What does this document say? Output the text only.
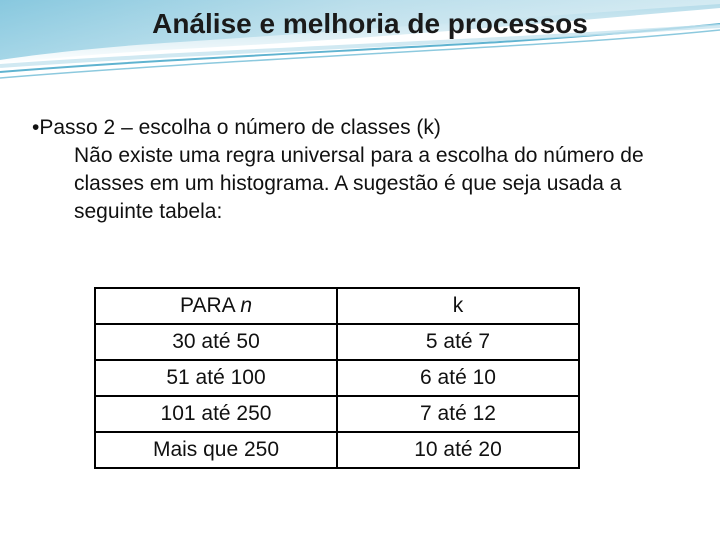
Análise e melhoria de processos

•Passo 2 – escolha o número de classes (k)

Não existe uma regra universal para a escolha do número de classes em um histograma. A sugestão é que seja usada a seguinte tabela:

PARA n	k
30 até 50	5 até 7
51 até 100	6 até 10
101 até 250	7 até 12
Mais que 250	10 até 20
